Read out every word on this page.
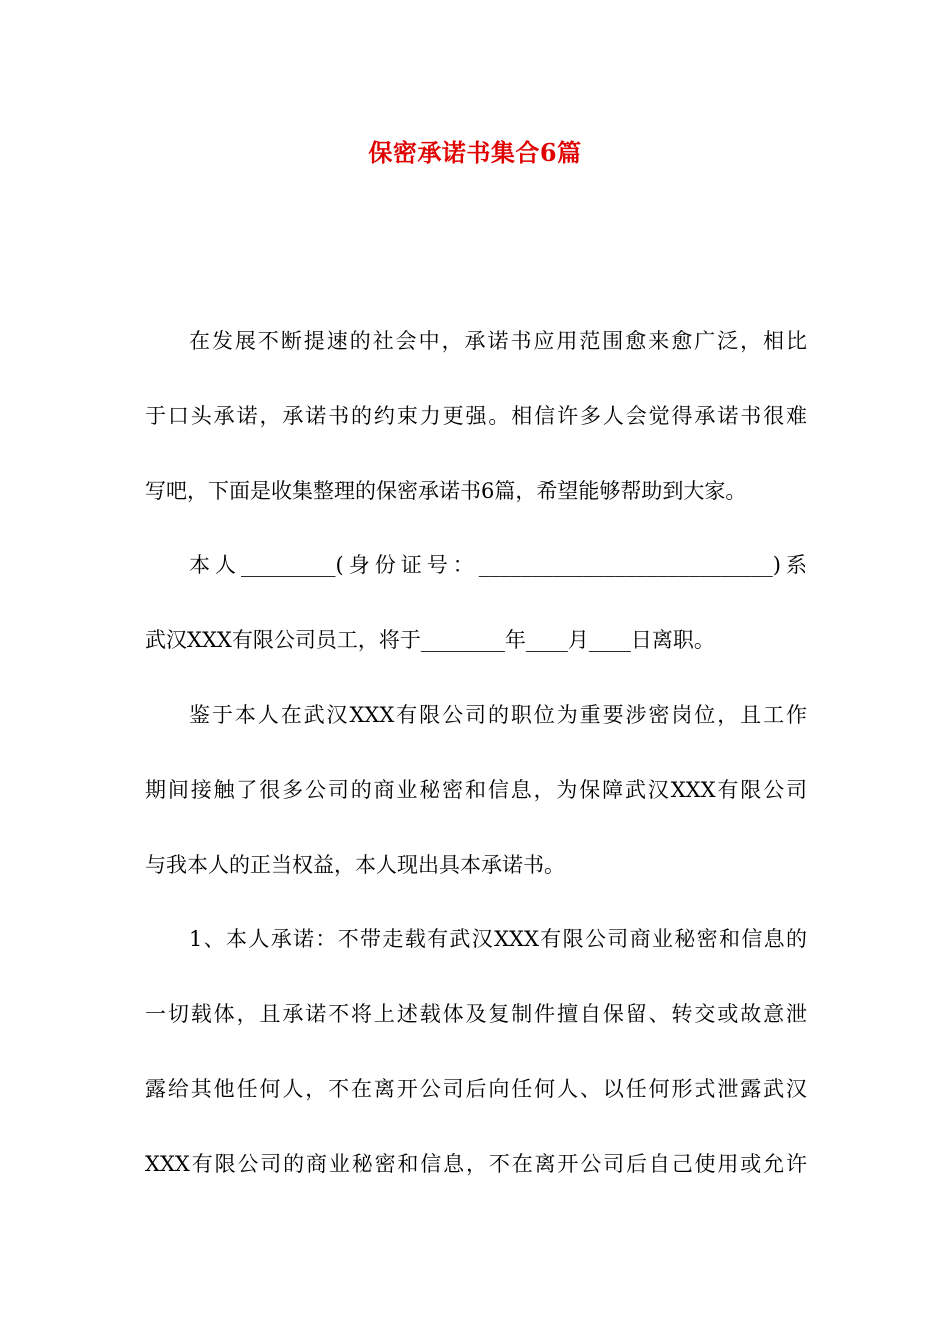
保密承诺书集合6篇
在发展不断提速的社会中，承诺书应用范围愈来愈广泛，相比
于口头承诺，承诺书的约束力更强。相信许多人会觉得承诺书很难
写吧，下面是收集整理的保密承诺书6篇，希望能够帮助到大家。
本人_________(身份证号：____________________________)系
武汉XXX有限公司员工，将于________年____月____日离职。
鉴于本人在武汉XXX有限公司的职位为重要涉密岗位，且工作
期间接触了很多公司的商业秘密和信息，为保障武汉XXX有限公司
与我本人的正当权益，本人现出具本承诺书。
1、本人承诺：不带走载有武汉XXX有限公司商业秘密和信息的
一切载体，且承诺不将上述载体及复制件擅自保留、转交或故意泄
露给其他任何人，不在离开公司后向任何人、以任何形式泄露武汉
XXX有限公司的商业秘密和信息，不在离开公司后自己使用或允许
